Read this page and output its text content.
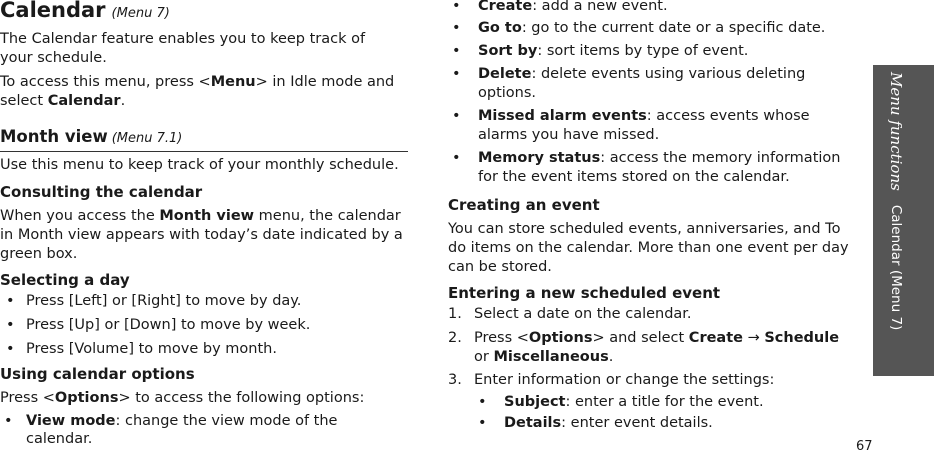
Calendar (Menu 7)

The Calendar feature enables you to keep track of

your schedule.

To access this menu, press <Menu> in Idle mode and

select Calendar.

Month view (Menu 7.1)

Use this menu to keep track of your monthly schedule.

Consulting the calendar

When you access the Month view menu, the calendar

in Month view appears with today’s date indicated by a

green box.

Selecting a day

• Press [Left] or [Right] to move by day.
• Press [Up] or [Down] to move by week.
• Press [Volume] to move by month.

Using calendar options

Press <Options> to access the following options:

• View mode: change the view mode of the
calendar.
• Create: add a new event.
• Go to: go to the current date or a specific date.
• Sort by: sort items by type of event.
• Delete: delete events using various deleting
options.
• Missed alarm events: access events whose
alarms you have missed.
• Memory status: access the memory information
for the event items stored on the calendar.

Creating an event

You can store scheduled events, anniversaries, and To

do items on the calendar. More than one event per day

can be stored.

Entering a new scheduled event

1. Select a date on the calendar.
2. Press <Options> and select Create → Schedule
or Miscellaneous.
3. Enter information or change the settings:
• Subject: enter a title for the event.
• Details: enter event details.
Menu functionsCalendar (Menu 7)
67
